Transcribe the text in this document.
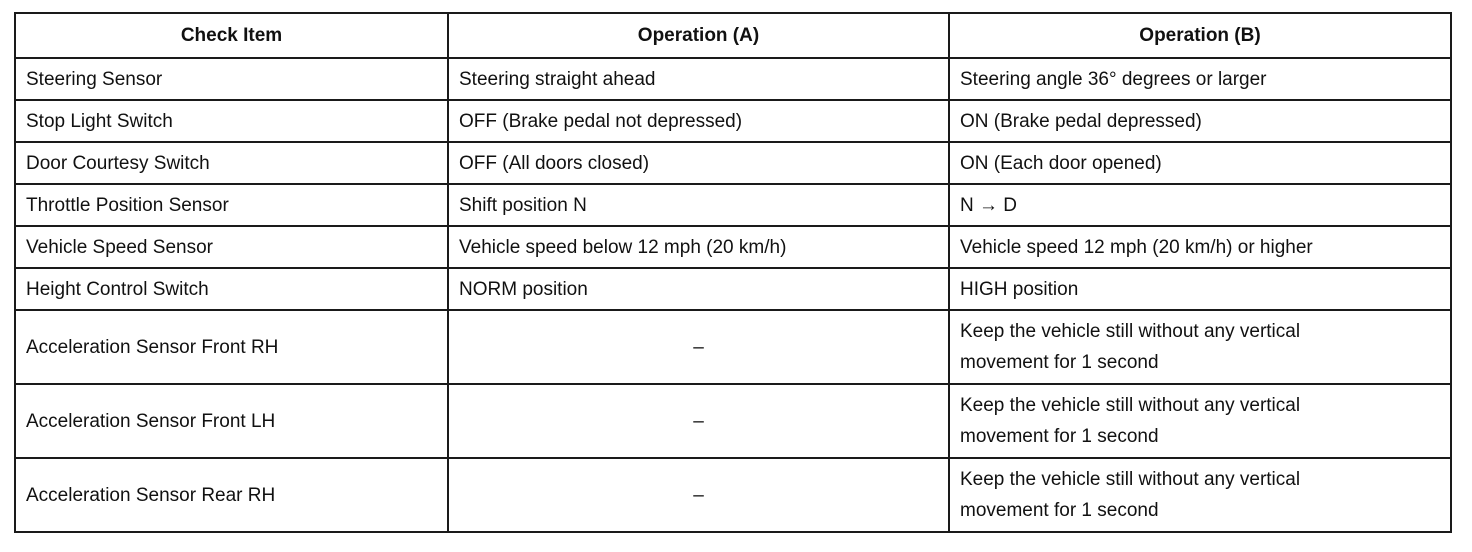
Check Item	Operation (A)	Operation (B)
Steering Sensor	Steering straight ahead	Steering angle 36° degrees or larger
Stop Light Switch	OFF (Brake pedal not depressed)	ON (Brake pedal depressed)
Door Courtesy Switch	OFF (All doors closed)	ON (Each door opened)
Throttle Position Sensor	Shift position N	N → D
Vehicle Speed Sensor	Vehicle speed below 12 mph (20 km/h)	Vehicle speed 12 mph (20 km/h) or higher
Height Control Switch	NORM position	HIGH position
Acceleration Sensor Front RH	–	Keep the vehicle still without any vertical
movement for 1 second

Acceleration Sensor Front LH	–	Keep the vehicle still without any vertical
movement for 1 second

Acceleration Sensor Rear RH	–	Keep the vehicle still without any vertical
movement for 1 second
